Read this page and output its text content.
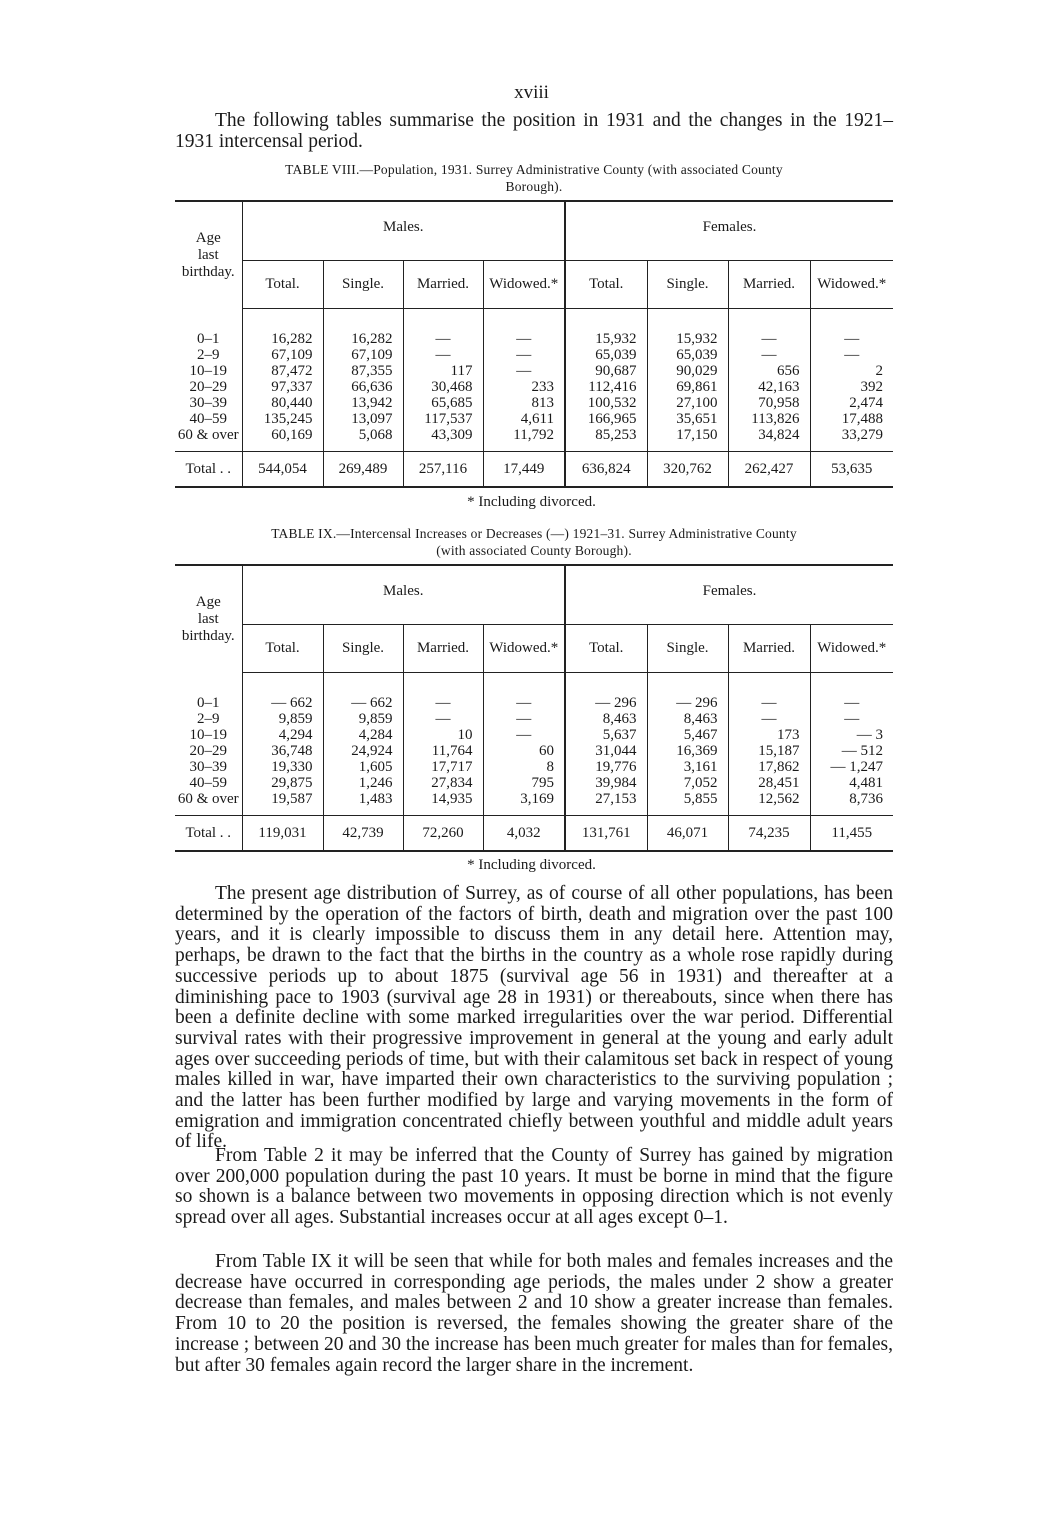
xviii

The following tables summarise the position in 1931 and the changes in the 1921–1931 intercensal period.

TABLE VIII.—Population, 1931. Surrey Administrative County (with associated County
Borough).
Age
last
birthday.	Males.				Females.			
	Total.	Single.	Married.	Widowed.*	Total.	Single.	Married.	Widowed.*

0–1	16,282	16,282	—	—	15,932	15,932	—	—
2–9	67,109	67,109	—	—	65,039	65,039	—	—
10–19	87,472	87,355	117	—	90,687	90,029	656	2
20–29	97,337	66,636	30,468	233	112,416	69,861	42,163	392
30–39	80,440	13,942	65,685	813	100,532	27,100	70,958	2,474
40–59	135,245	13,097	117,537	4,611	166,965	35,651	113,826	17,488
60 & over	60,169	5,068	43,309	11,792	85,253	17,150	34,824	33,279

Total . .	544,054	269,489	257,116	17,449	636,824	320,762	262,427	53,635
* Including divorced.
TABLE IX.—Intercensal Increases or Decreases (—) 1921–31. Surrey Administrative County
(with associated County Borough).
Age
last
birthday.	Males.				Females.			
	Total.	Single.	Married.	Widowed.*	Total.	Single.	Married.	Widowed.*

0–1	— 662	— 662	—	—	— 296	— 296	—	—
2–9	9,859	9,859	—	—	8,463	8,463	—	—
10–19	4,294	4,284	10	—	5,637	5,467	173	— 3
20–29	36,748	24,924	11,764	60	31,044	16,369	15,187	— 512
30–39	19,330	1,605	17,717	8	19,776	3,161	17,862	— 1,247
40–59	29,875	1,246	27,834	795	39,984	7,052	28,451	4,481
60 & over	19,587	1,483	14,935	3,169	27,153	5,855	12,562	8,736

Total . .	119,031	42,739	72,260	4,032	131,761	46,071	74,235	11,455
* Including divorced.

The present age distribution of Surrey, as of course of all other populations, has been determined by the operation of the factors of birth, death and migration over the past 100 years, and it is clearly impossible to discuss them in any detail here. Attention may, perhaps, be drawn to the fact that the births in the country as a whole rose rapidly during successive periods up to about 1875 (survival age 56 in 1931) and thereafter at a diminishing pace to 1903 (survival age 28 in 1931) or thereabouts, since when there has been a definite decline with some marked irregularities over the war period. Differential survival rates with their progressive improvement in general at the young and early adult ages over succeeding periods of time, but with their calamitous set back in respect of young males killed in war, have imparted their own characteristics to the surviving population ; and the latter has been further modified by large and varying movements in the form of emigration and immigration concentrated chiefly between youthful and middle adult years of life.

From Table 2 it may be inferred that the County of Surrey has gained by migration over 200,000 population during the past 10 years. It must be borne in mind that the figure so shown is a balance between two movements in opposing direction which is not evenly spread over all ages. Substantial increases occur at all ages except 0–1.

From Table IX it will be seen that while for both males and females increases and the decrease have occurred in corresponding age periods, the males under 2 show a greater decrease than females, and males between 2 and 10 show a greater increase than females. From 10 to 20 the position is reversed, the females showing the greater share of the increase ; between 20 and 30 the increase has been much greater for males than for females, but after 30 females again record the larger share in the increment.
